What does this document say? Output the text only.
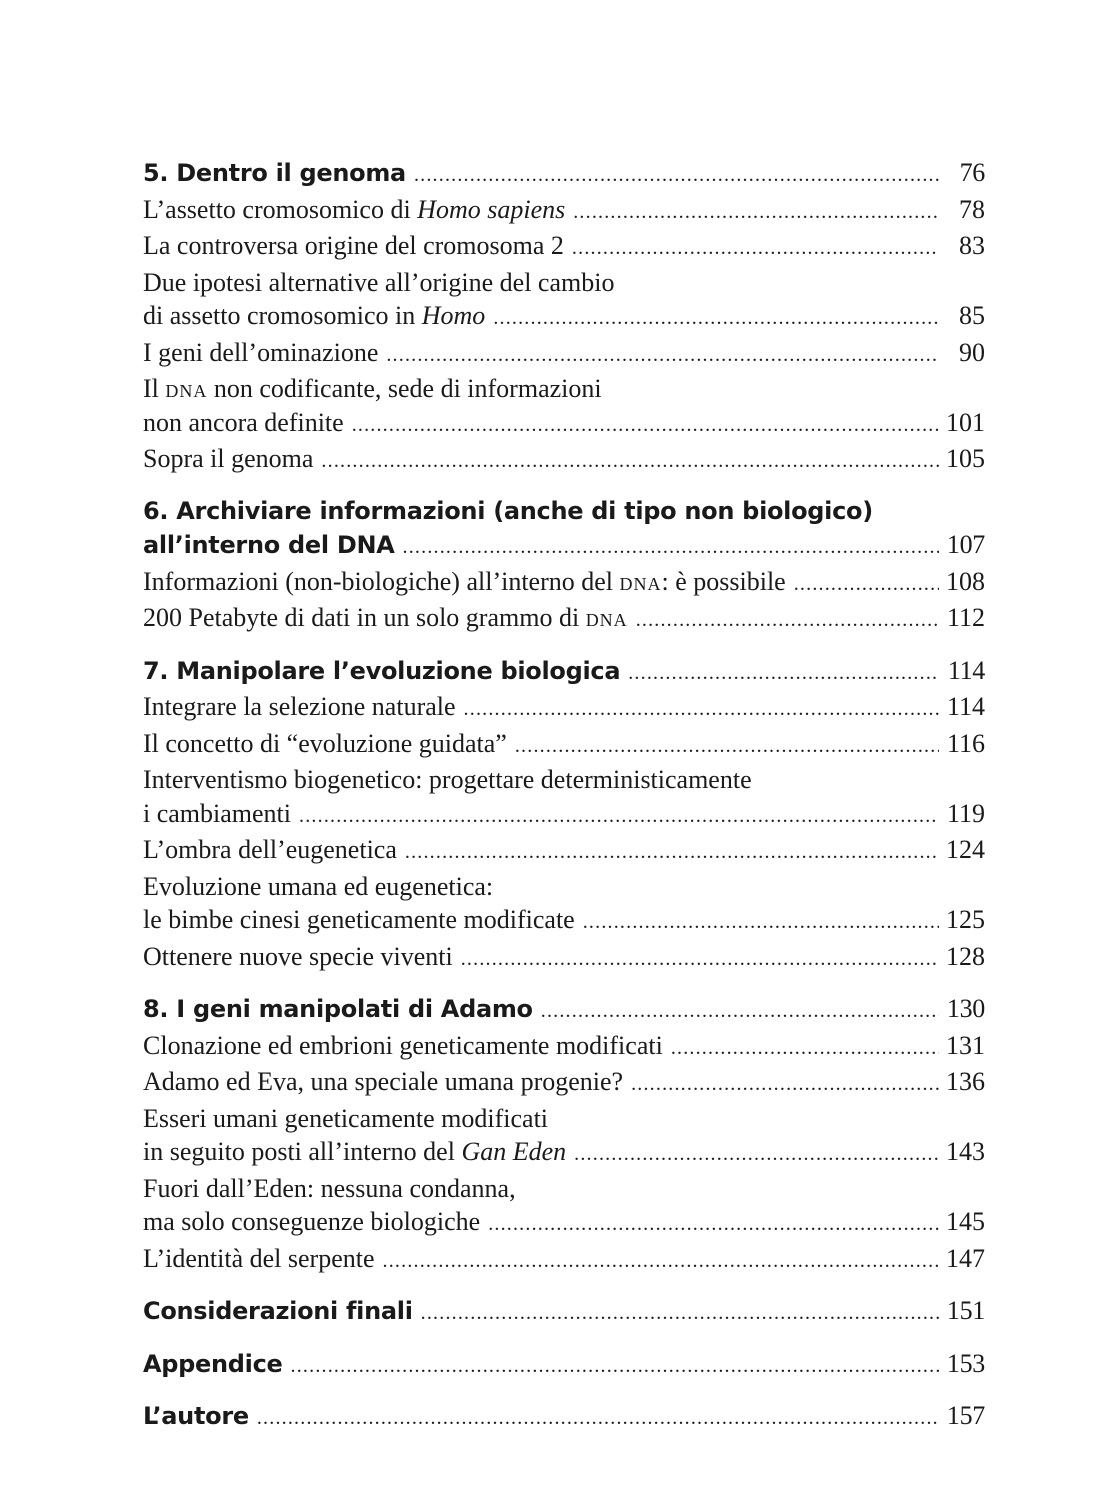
5. Dentro il genoma .....	76
L’assetto cromosomico di Homo sapiens .....	78
La controversa origine del cromosoma 2 .....	83
Due ipotesi alternative all’origine del cambio
di assetto cromosomico in Homo .....	85
I geni dell’ominazione .....	90
Il dna non codificante, sede di informazioni
non ancora definite .....	101
Sopra il genoma .....	105
6. Archiviare informazioni (anche di tipo non biologico)
all’interno del DNA .....	107
Informazioni (non-biologiche) all’interno del dna: è possibile .....	108
200 Petabyte di dati in un solo grammo di dna .....	112
7. Manipolare l’evoluzione biologica .....	114
Integrare la selezione naturale .....	114
Il concetto di “evoluzione guidata” .....	116
Interventismo biogenetico: progettare deterministicamente
i cambiamenti .....	119
L’ombra dell’eugenetica .....	124
Evoluzione umana ed eugenetica:
le bimbe cinesi geneticamente modificate .....	125
Ottenere nuove specie viventi .....	128
8. I geni manipolati di Adamo .....	130
Clonazione ed embrioni geneticamente modificati .....	131
Adamo ed Eva, una speciale umana progenie? .....	136
Esseri umani geneticamente modificati
in seguito posti all’interno del Gan Eden .....	143
Fuori dall’Eden: nessuna condanna,
ma solo conseguenze biologiche .....	145
L’identità del serpente .....	147
Considerazioni finali .....	151
Appendice .....	153
L’autore .....	157
